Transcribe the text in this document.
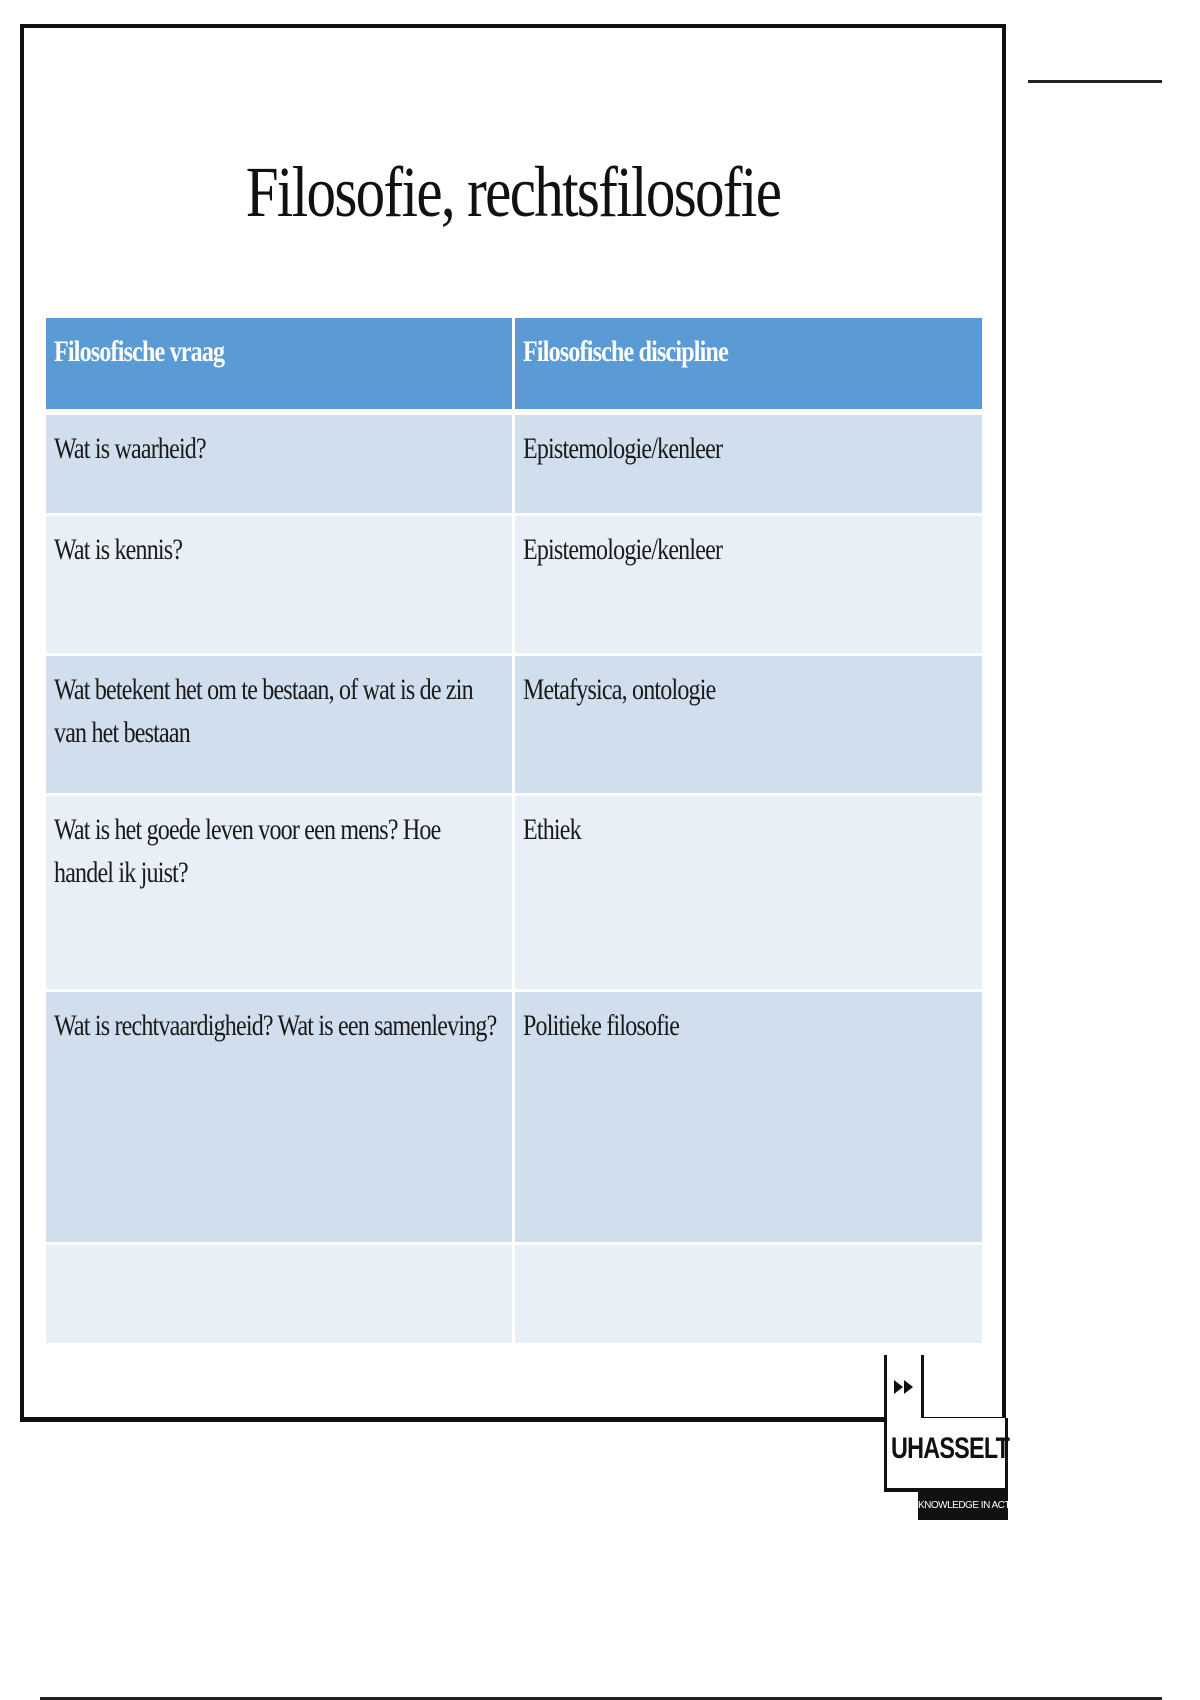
Filosofie, rechtsfilosofie
Filosofische vraag	Filosofische discipline
Wat is waarheid?	Epistemologie/kenleer
Wat is kennis?	Epistemologie/kenleer
Wat betekent het om te bestaan, of wat is de zin van het bestaan	Metafysica, ontologie
Wat is het goede leven voor een mens? Hoe handel ik juist?	Ethiek
Wat is rechtvaardigheid? Wat is een samenleving?	Politieke filosofie

UHASSELT
KNOWLEDGE IN ACTION
